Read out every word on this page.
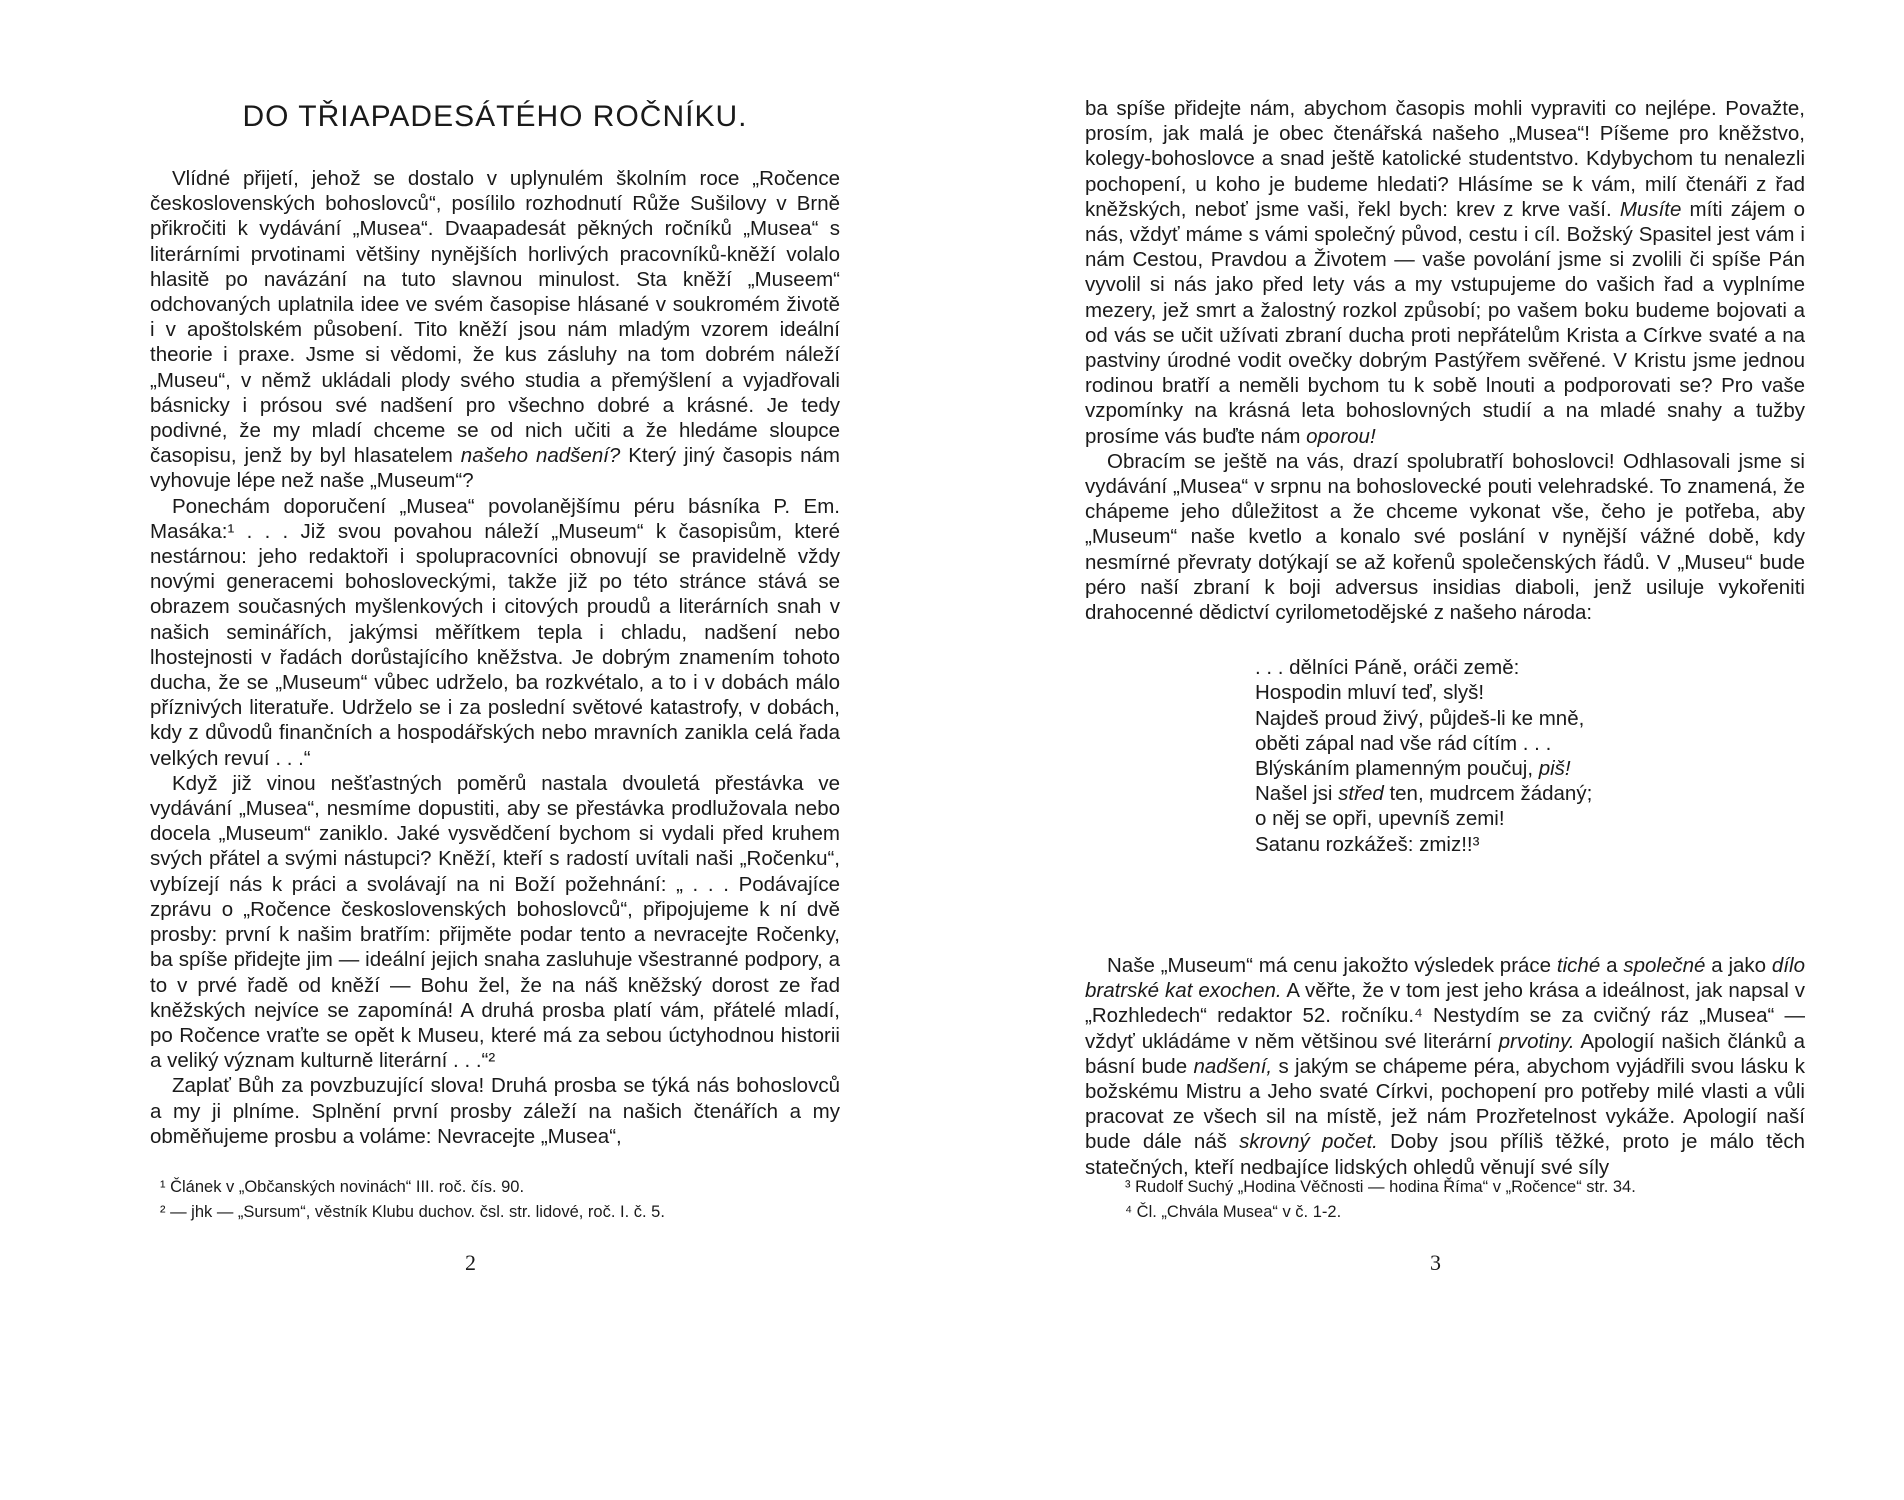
DO TŘIAPADESÁTÉHO ROČNÍKU.

Vlídné přijetí, jehož se dostalo v uplynulém školním roce „Ročence československých bohoslovců“, posílilo rozhodnutí Růže Sušilovy v Brně přikročiti k vydávání „Musea“. Dvaapadesát pěkných ročníků „Musea“ s literárními prvotinami většiny nynějších horlivých pracovníků-kněží volalo hlasitě po navázání na tuto slavnou minulost. Sta kněží „Museem“ odchovaných uplatnila idee ve svém časopise hlásané v soukromém životě i v apoštolském působení. Tito kněží jsou nám mladým vzorem ideální theorie i praxe. Jsme si vědomi, že kus zásluhy na tom dobrém náleží „Museu“, v němž ukládali plody svého studia a přemýšlení a vyjadřovali básnicky i prósou své nadšení pro všechno dobré a krásné. Je tedy podivné, že my mladí chceme se od nich učiti a že hledáme sloupce časopisu, jenž by byl hlasatelem našeho nadšení? Který jiný časopis nám vyhovuje lépe než naše „Museum“?

Ponechám doporučení „Musea“ povolanějšímu péru básníka P. Em. Masáka:¹ . . . Již svou povahou náleží „Museum“ k časopisům, které nestárnou: jeho redaktoři i spolupracovníci obnovují se pravidelně vždy novými generacemi bohosloveckými, takže již po této stránce stává se obrazem současných myšlenkových i citových proudů a literárních snah v našich seminářích, jakýmsi měřítkem tepla i chladu, nadšení nebo lhostejnosti v řadách dorůstajícího kněžstva. Je dobrým znamením tohoto ducha, že se „Museum“ vůbec udrželo, ba rozkvétalo, a to i v dobách málo příznivých literatuře. Udrželo se i za poslední světové katastrofy, v dobách, kdy z důvodů finančních a hospodářských nebo mravních zanikla celá řada velkých revuí . . .“

Když již vinou nešťastných poměrů nastala dvouletá přestávka ve vydávání „Musea“, nesmíme dopustiti, aby se přestávka prodlužovala nebo docela „Museum“ zaniklo. Jaké vysvědčení bychom si vydali před kruhem svých přátel a svými nástupci? Kněží, kteří s radostí uvítali naši „Ročenku“, vybízejí nás k práci a svolávají na ni Boží požehnání: „ . . . Podávajíce zprávu o „Ročence československých bohoslovců“, připojujeme k ní dvě prosby: první k našim bratřím: přijměte podar tento a nevracejte Ročenky, ba spíše přidejte jim — ideální jejich snaha zasluhuje všestranné podpory, a to v prvé řadě od kněží — Bohu žel, že na náš kněžský dorost ze řad kněžských nejvíce se zapomíná! A druhá prosba platí vám, přátelé mladí, po Ročence vraťte se opět k Museu, které má za sebou úctyhodnou historii a veliký význam kulturně literární . . .“²

Zaplať Bůh za povzbuzující slova! Druhá prosba se týká nás bohoslovců a my ji plníme. Splnění první prosby záleží na našich čtenářích a my obměňujeme prosbu a voláme: Nevracejte „Musea“,

¹ Článek v „Občanských novinách“ III. roč. čís. 90.
² — jhk — „Sursum“, věstník Klubu duchov. čsl. str. lidové, roč. I. č. 5.
2

ba spíše přidejte nám, abychom časopis mohli vypraviti co nejlépe. Považte, prosím, jak malá je obec čtenářská našeho „Musea“! Píšeme pro kněžstvo, kolegy-bohoslovce a snad ještě katolické studentstvo. Kdybychom tu nenalezli pochopení, u koho je budeme hledati? Hlásíme se k vám, milí čtenáři z řad kněžských, neboť jsme vaši, řekl bych: krev z krve vaší. Musíte míti zájem o nás, vždyť máme s vámi společný původ, cestu i cíl. Božský Spasitel jest vám i nám Cestou, Pravdou a Životem — vaše povolání jsme si zvolili či spíše Pán vyvolil si nás jako před lety vás a my vstupujeme do vašich řad a vyplníme mezery, jež smrt a žalostný rozkol způsobí; po vašem boku budeme bojovati a od vás se učit užívati zbraní ducha proti nepřátelům Krista a Církve svaté a na pastviny úrodné vodit ovečky dobrým Pastýřem svěřené. V Kristu jsme jednou rodinou bratří a neměli bychom tu k sobě lnouti a podporovati se? Pro vaše vzpomínky na krásná leta bohoslovných studií a na mladé snahy a tužby prosíme vás buďte nám oporou!

Obracím se ještě na vás, drazí spolubratří bohoslovci! Odhlasovali jsme si vydávání „Musea“ v srpnu na bohoslovecké pouti velehradské. To znamená, že chápeme jeho důležitost a že chceme vykonat vše, čeho je potřeba, aby „Museum“ naše kvetlo a konalo své poslání v nynější vážné době, kdy nesmírné převraty dotýkají se až kořenů společenských řádů. V „Museu“ bude péro naší zbraní k boji adversus insidias diaboli, jenž usiluje vykořeniti drahocenné dědictví cyrilometodějské z našeho národa:

. . . dělníci Páně, oráči země:
Hospodin mluví teď, slyš!
Najdeš proud živý, půjdeš-li ke mně,
oběti zápal nad vše rád cítím . . .
Blýskáním plamenným poučuj, piš!
Našel jsi střed ten, mudrcem žádaný;
o něj se opři, upevníš zemi!
Satanu rozkážeš: zmiz!!³

Naše „Museum“ má cenu jakožto výsledek práce tiché a společné a jako dílo bratrské kat exochen. A věřte, že v tom jest jeho krása a ideálnost, jak napsal v „Rozhledech“ redaktor 52. ročníku.⁴ Nestydím se za cvičný ráz „Musea“ — vždyť ukládáme v něm většinou své literární prvotiny. Apologií našich článků a básní bude nadšení, s jakým se chápeme péra, abychom vyjádřili svou lásku k božskému Mistru a Jeho svaté Církvi, pochopení pro potřeby milé vlasti a vůli pracovat ze všech sil na místě, jež nám Prozřetelnost vykáže. Apologií naší bude dále náš skrovný počet. Doby jsou příliš těžké, proto je málo těch statečných, kteří nedbajíce lidských ohledů věnují své síly

³ Rudolf Suchý „Hodina Věčnosti — hodina Říma“ v „Ročence“ str. 34.
⁴ Čl. „Chvála Musea“ v č. 1-2.
3
